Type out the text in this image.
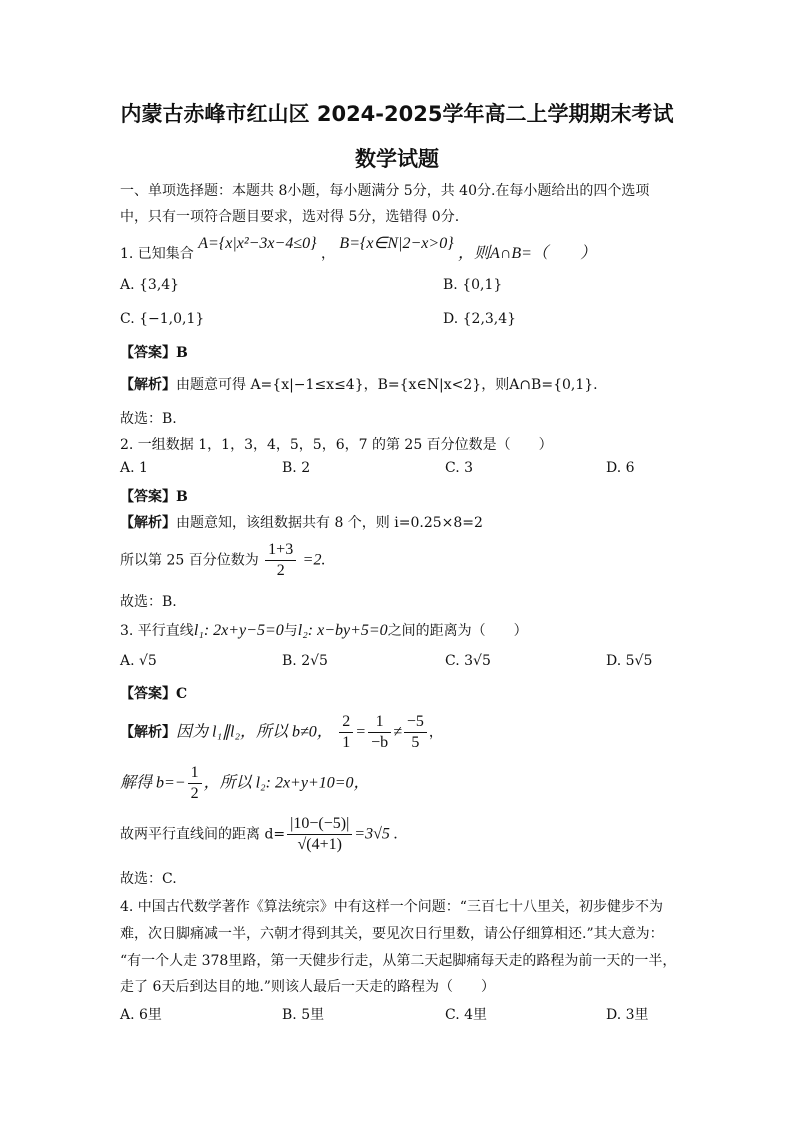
内蒙古赤峰市红山区 2024-2025学年高二上学期期末考试
数学试题
一、单项选择题：本题共 8小题，每小题满分 5分，共 40分.在每小题给出的四个选项
中，只有一项符合题目要求，选对得 5分，选错得 0分.
1. 已知集合 A={x|x²−3x−4≤0} ， B={x∈N|2−x>0} ，则A∩B=（　　）
A. {3,4}	B. {0,1}
C. {−1,0,1}	D. {2,3,4}
【答案】B
【解析】由题意可得 A={x|−1≤x≤4}，B={x∈N|x<2}，则A∩B={0,1}.
故选：B.
2. 一组数据 1，1，3，4，5，5，6，7 的第 25 百分位数是（　　）
A. 1	B. 2	C. 3	D. 6
【答案】B
【解析】由题意知，该组数据共有 8 个，则 i=0.25×8=2
所以第 25 百分位数为 $\frac{1+3}{2} =2$.
故选：B.
3. 平行直线l₁: 2x+y−5=0与l₂: x−by+5=0之间的距离为（　　）
A. √5	B. 2√5	C. 3√5	D. 5√5
【答案】C
【解析】因为 l₁∥l₂，所以 b≠0， $\frac{2}{1} = \frac{1}{-b} \ne \frac{-5}{5}$ ，
解得 $b=- \frac{1}{2}$ ，所以 l₂: 2x+y+10=0，
故两平行直线间的距离 $d= \frac{|10-(-5)|}{√(4+1)} =3√5$ .
故选：C.
4. 中国古代数学著作《算法统宗》中有这样一个问题：“三百七十八里关，初步健步不为
难，次日脚痛减一半，六朝才得到其关，要见次日行里数，请公仔细算相还.”其大意为：
“有一个人走 378里路，第一天健步行走，从第二天起脚痛每天走的路程为前一天的一半，
走了 6天后到达目的地.”则该人最后一天走的路程为（　　）
A. 6里	B. 5里	C. 4里	D. 3里
